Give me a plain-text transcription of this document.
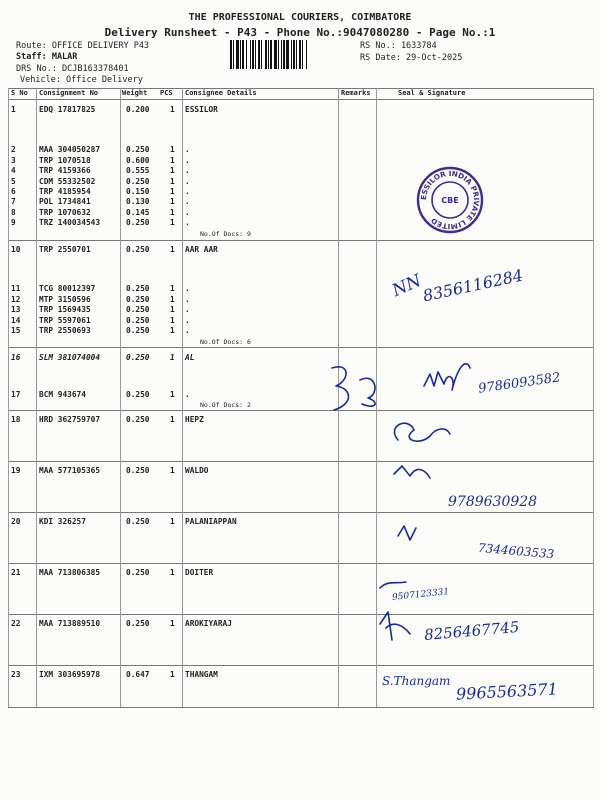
THE PROFESSIONAL COURIERS, COIMBATORE
Delivery Runsheet - P43 - Phone No.:9047080280 - Page No.:1
Route: OFFICE DELIVERY P43
Staff: MALAR
DRS No.: DCJB163378401
Vehicle: Office Delivery
RS No.: 1633784
RS Date: 29-Oct-2025
S No Consignment No	Weight PCS Consignee Details	Remarks	Seal & Signature
No.Of Docs: 9
No.Of Docs: 6
No.Of Docs: 2
1	EDQ 17817825	0.200	1 ESSILOR
2	MAA 304050287	0.250	1 .
3	TRP 1070518	0.600	1 .
4	TRP 4159366	0.555	1 .
5	CDM 55332502	0.250	1 .
6	TRP 4185954	0.150	1 .
7	POL 1734841	0.130	1 .
8	TRP 1070632	0.145	1 .
9	TRZ 140034543	0.250	1 .
10 TRP 2550701	0.250	1 AAR AAR
11 TCG 80012397	0.250	1 .
12 MTP 3150596	0.250	1 .
13 TRP 1569435	0.250	1 .
14 TRP 5597061	0.250	1 .
15 TRP 2550693	0.250	1 .
16 SLM 381074004	0.250	1 AL
17 BCM 943674	0.250	1 .
18 HRD 362759707	0.250	1 HEPZ
19 MAA 577105365	0.250	1 WALDO
20 KDI 326257	0.250	1 PALANIAPPAN
21 MAA 713806385	0.250	1 DOITER
22 MAA 713889510	0.250	1 AROKIYARAJ
23 IXM 303695978	0.647	1 THANGAM
ESSILOR INDIA PRIVATE LIMITED
CBE
NN
8356116284
9786093582
9789630928
7344603533
9507123331
8256467745
S.Thangam 9965563571
